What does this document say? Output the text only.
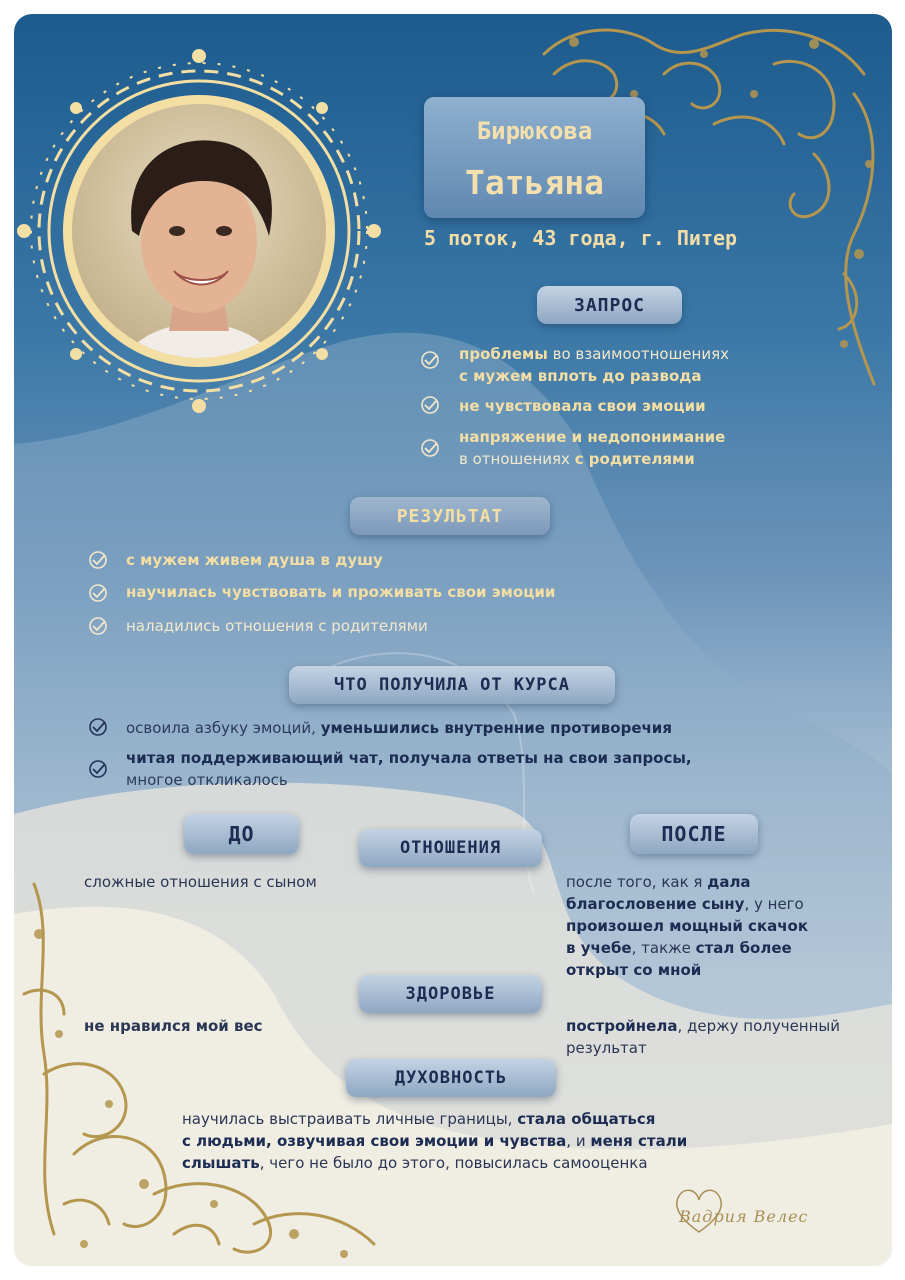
Бирюкова
Татьяна
5 поток, 43 года, г. Питер
ЗАПРОС
проблемы во взаимоотношениях
с мужем вплоть до развода
не чувствовала свои эмоции
напряжение и недопонимание
в отношениях с родителями
РЕЗУЛЬТАТ
с мужем живем душа в душу
научилась чувствовать и проживать свои эмоции
наладились отношения с родителями
ЧТО ПОЛУЧИЛА ОТ КУРСА
освоила азбуку эмоций, уменьшились внутренние противоречия
читая поддерживающий чат, получала ответы на свои запросы,
многое откликалось
ДО	ПОСЛЕ
ОТНОШЕНИЯ
сложные отношения с сыном	после того, как я дала
благословение сыну, у него
произошел мощный скачок
в учебе, также стал более
открыт со мной
ЗДОРОВЬЕ
не нравился мой вес	постройнела, держу полученный
результат
ДУХОВНОСТЬ
научилась выстраивать личные границы, стала общаться
с людьми, озвучивая свои эмоции и чувства, и меня стали
слышать, чего не было до этого, повысилась самооценка
Вадрия Велес
